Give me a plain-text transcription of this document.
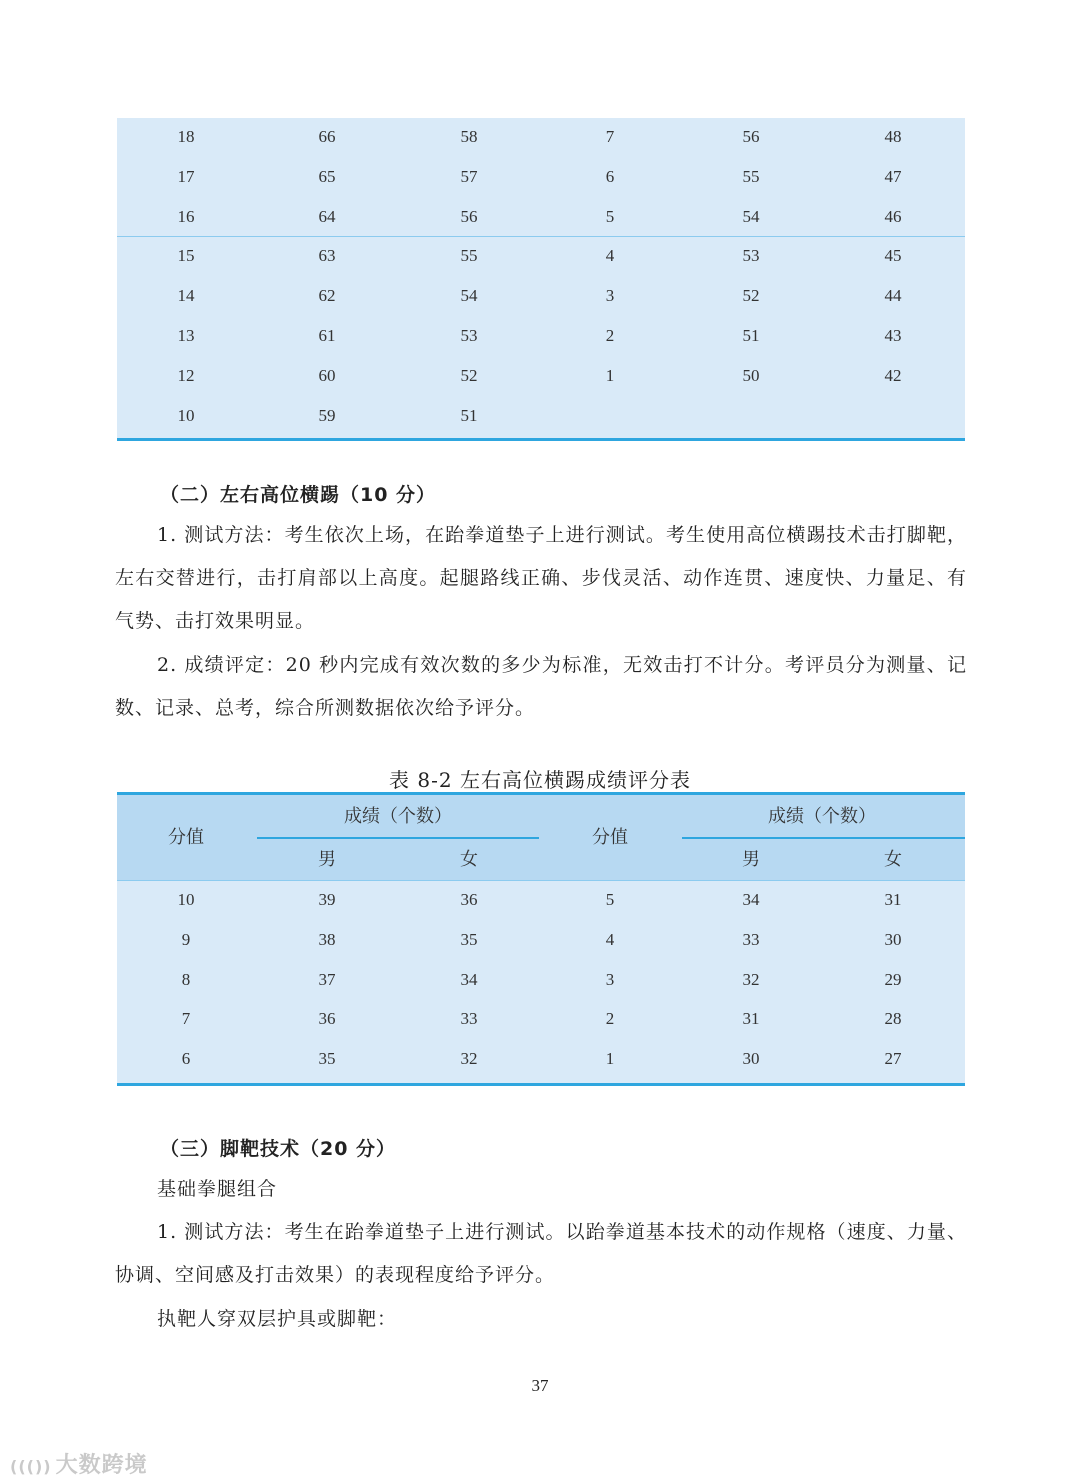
18	66	58	7	56	48
17	65	57	6	55	47
16	64	56	5	54	46
15	63	55	4	53	45
14	62	54	3	52	44
13	61	53	2	51	43
12	60	52	1	50	42
10	59	51
（二）左右高位横踢（10 分）
1. 测试方法：考生依次上场，在跆拳道垫子上进行测试。考生使用高位横踢技术击打脚靶，左右交替进行，击打肩部以上高度。起腿路线正确、步伐灵活、动作连贯、速度快、力量足、有气势、击打效果明显。
2. 成绩评定：20 秒内完成有效次数的多少为标准，无效击打不计分。考评员分为测量、记数、记录、总考，综合所测数据依次给予评分。
表 8-2 左右高位横踢成绩评分表
分值
成绩（个数）
男	女
分值
成绩（个数）
男	女
10	39	36	5	34	31
9	38	35	4	33	30
8	37	34	3	32	29
7	36	33	2	31	28
6	35	32	1	30	27
（三）脚靶技术（20 分）
基础拳腿组合
1. 测试方法：考生在跆拳道垫子上进行测试。以跆拳道基本技术的动作规格（速度、力量、协调、空间感及打击效果）的表现程度给予评分。
执靶人穿双层护具或脚靶：
37
((()) 大数跨境
